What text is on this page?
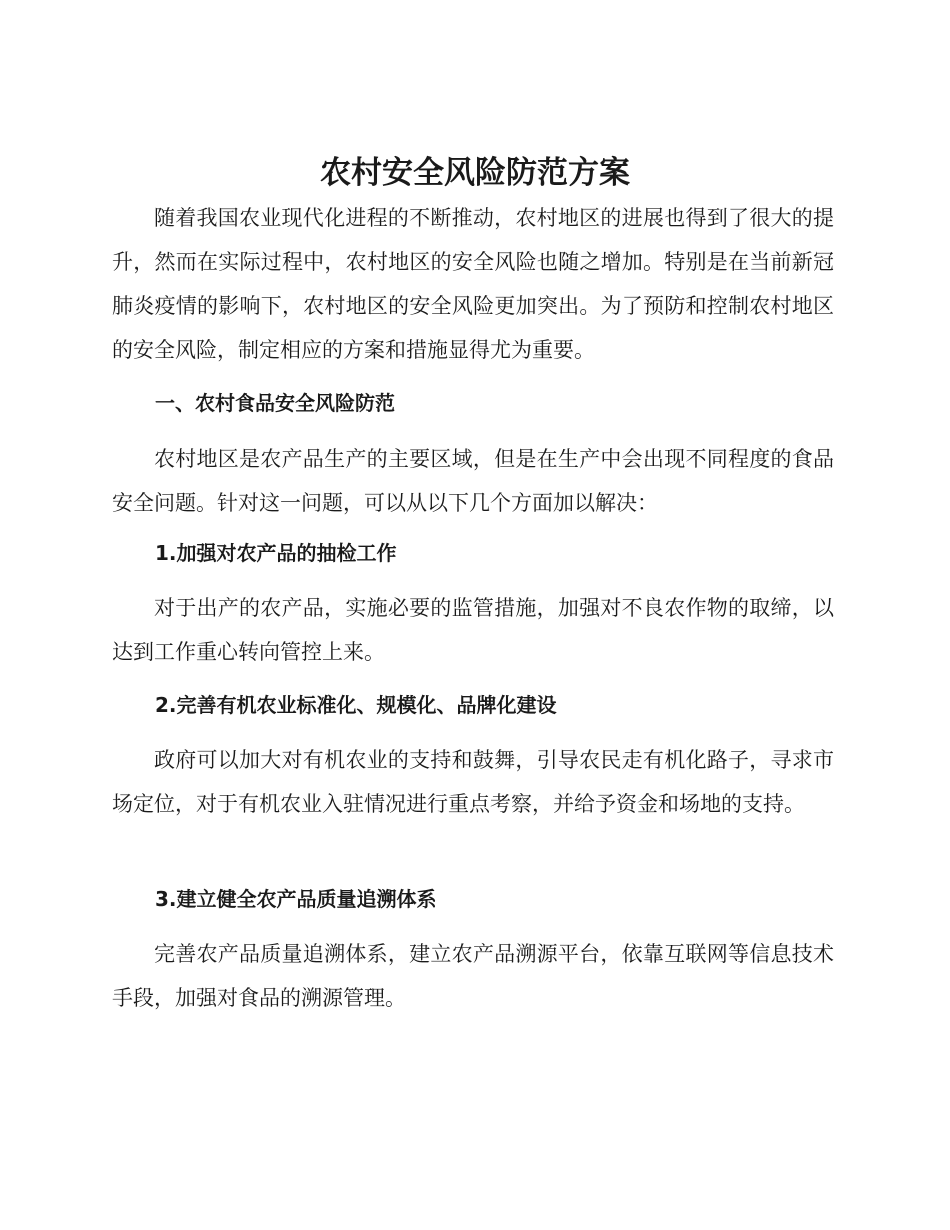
农村安全风险防范方案

随着我国农业现代化进程的不断推动，农村地区的进展也得到了很大的提升，然而在实际过程中，农村地区的安全风险也随之增加。特别是在当前新冠肺炎疫情的影响下，农村地区的安全风险更加突出。为了预防和控制农村地区的安全风险，制定相应的方案和措施显得尤为重要。

一、农村食品安全风险防范

农村地区是农产品生产的主要区域，但是在生产中会出现不同程度的食品安全问题。针对这一问题，可以从以下几个方面加以解决：

1.加强对农产品的抽检工作

对于出产的农产品，实施必要的监管措施，加强对不良农作物的取缔，以达到工作重心转向管控上来。

2.完善有机农业标准化、规模化、品牌化建设

政府可以加大对有机农业的支持和鼓舞，引导农民走有机化路子，寻求市场定位，对于有机农业入驻情况进行重点考察，并给予资金和场地的支持。

3.建立健全农产品质量追溯体系

完善农产品质量追溯体系，建立农产品溯源平台，依靠互联网等信息技术手段，加强对食品的溯源管理。
